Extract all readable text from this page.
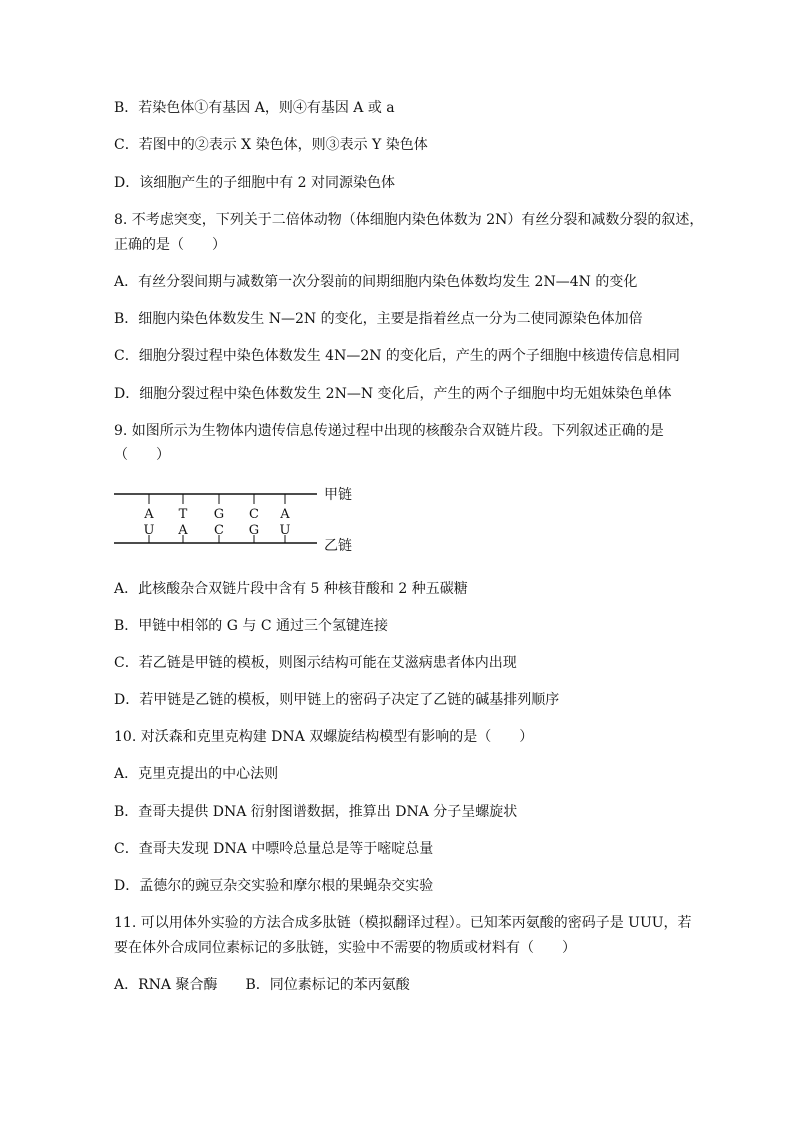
B．若染色体①有基因 A，则④有基因 A 或 a
C．若图中的②表示 X 染色体，则③表示 Y 染色体
D．该细胞产生的子细胞中有 2 对同源染色体
8. 不考虑突变，下列关于二倍体动物（体细胞内染色体数为 2N）有丝分裂和减数分裂的叙述，
正确的是（　　）
A．有丝分裂间期与减数第一次分裂前的间期细胞内染色体数均发生 2N—4N 的变化
B．细胞内染色体数发生 N—2N 的变化，主要是指着丝点一分为二使同源染色体加倍
C．细胞分裂过程中染色体数发生 4N—2N 的变化后，产生的两个子细胞中核遗传信息相同
D．细胞分裂过程中染色体数发生 2N—N 变化后，产生的两个子细胞中均无姐妹染色单体
9. 如图所示为生物体内遗传信息传递过程中出现的核酸杂合双链片段。下列叙述正确的是
（　　）
甲链
乙链
A
U
T
A
G
C
C
G
A
U
A．此核酸杂合双链片段中含有 5 种核苷酸和 2 种五碳糖
B．甲链中相邻的 G 与 C 通过三个氢键连接
C．若乙链是甲链的模板，则图示结构可能在艾滋病患者体内出现
D．若甲链是乙链的模板，则甲链上的密码子决定了乙链的碱基排列顺序
10. 对沃森和克里克构建 DNA 双螺旋结构模型有影响的是（　　）
A．克里克提出的中心法则
B．查哥夫提供 DNA 衍射图谱数据，推算出 DNA 分子呈螺旋状
C．查哥夫发现 DNA 中嘌呤总量总是等于嘧啶总量
D．孟德尔的豌豆杂交实验和摩尔根的果蝇杂交实验
11. 可以用体外实验的方法合成多肽链（模拟翻译过程）。已知苯丙氨酸的密码子是 UUU，若
要在体外合成同位素标记的多肽链，实验中不需要的物质或材料有（　　）
A．RNA 聚合酶　　B．同位素标记的苯丙氨酸
